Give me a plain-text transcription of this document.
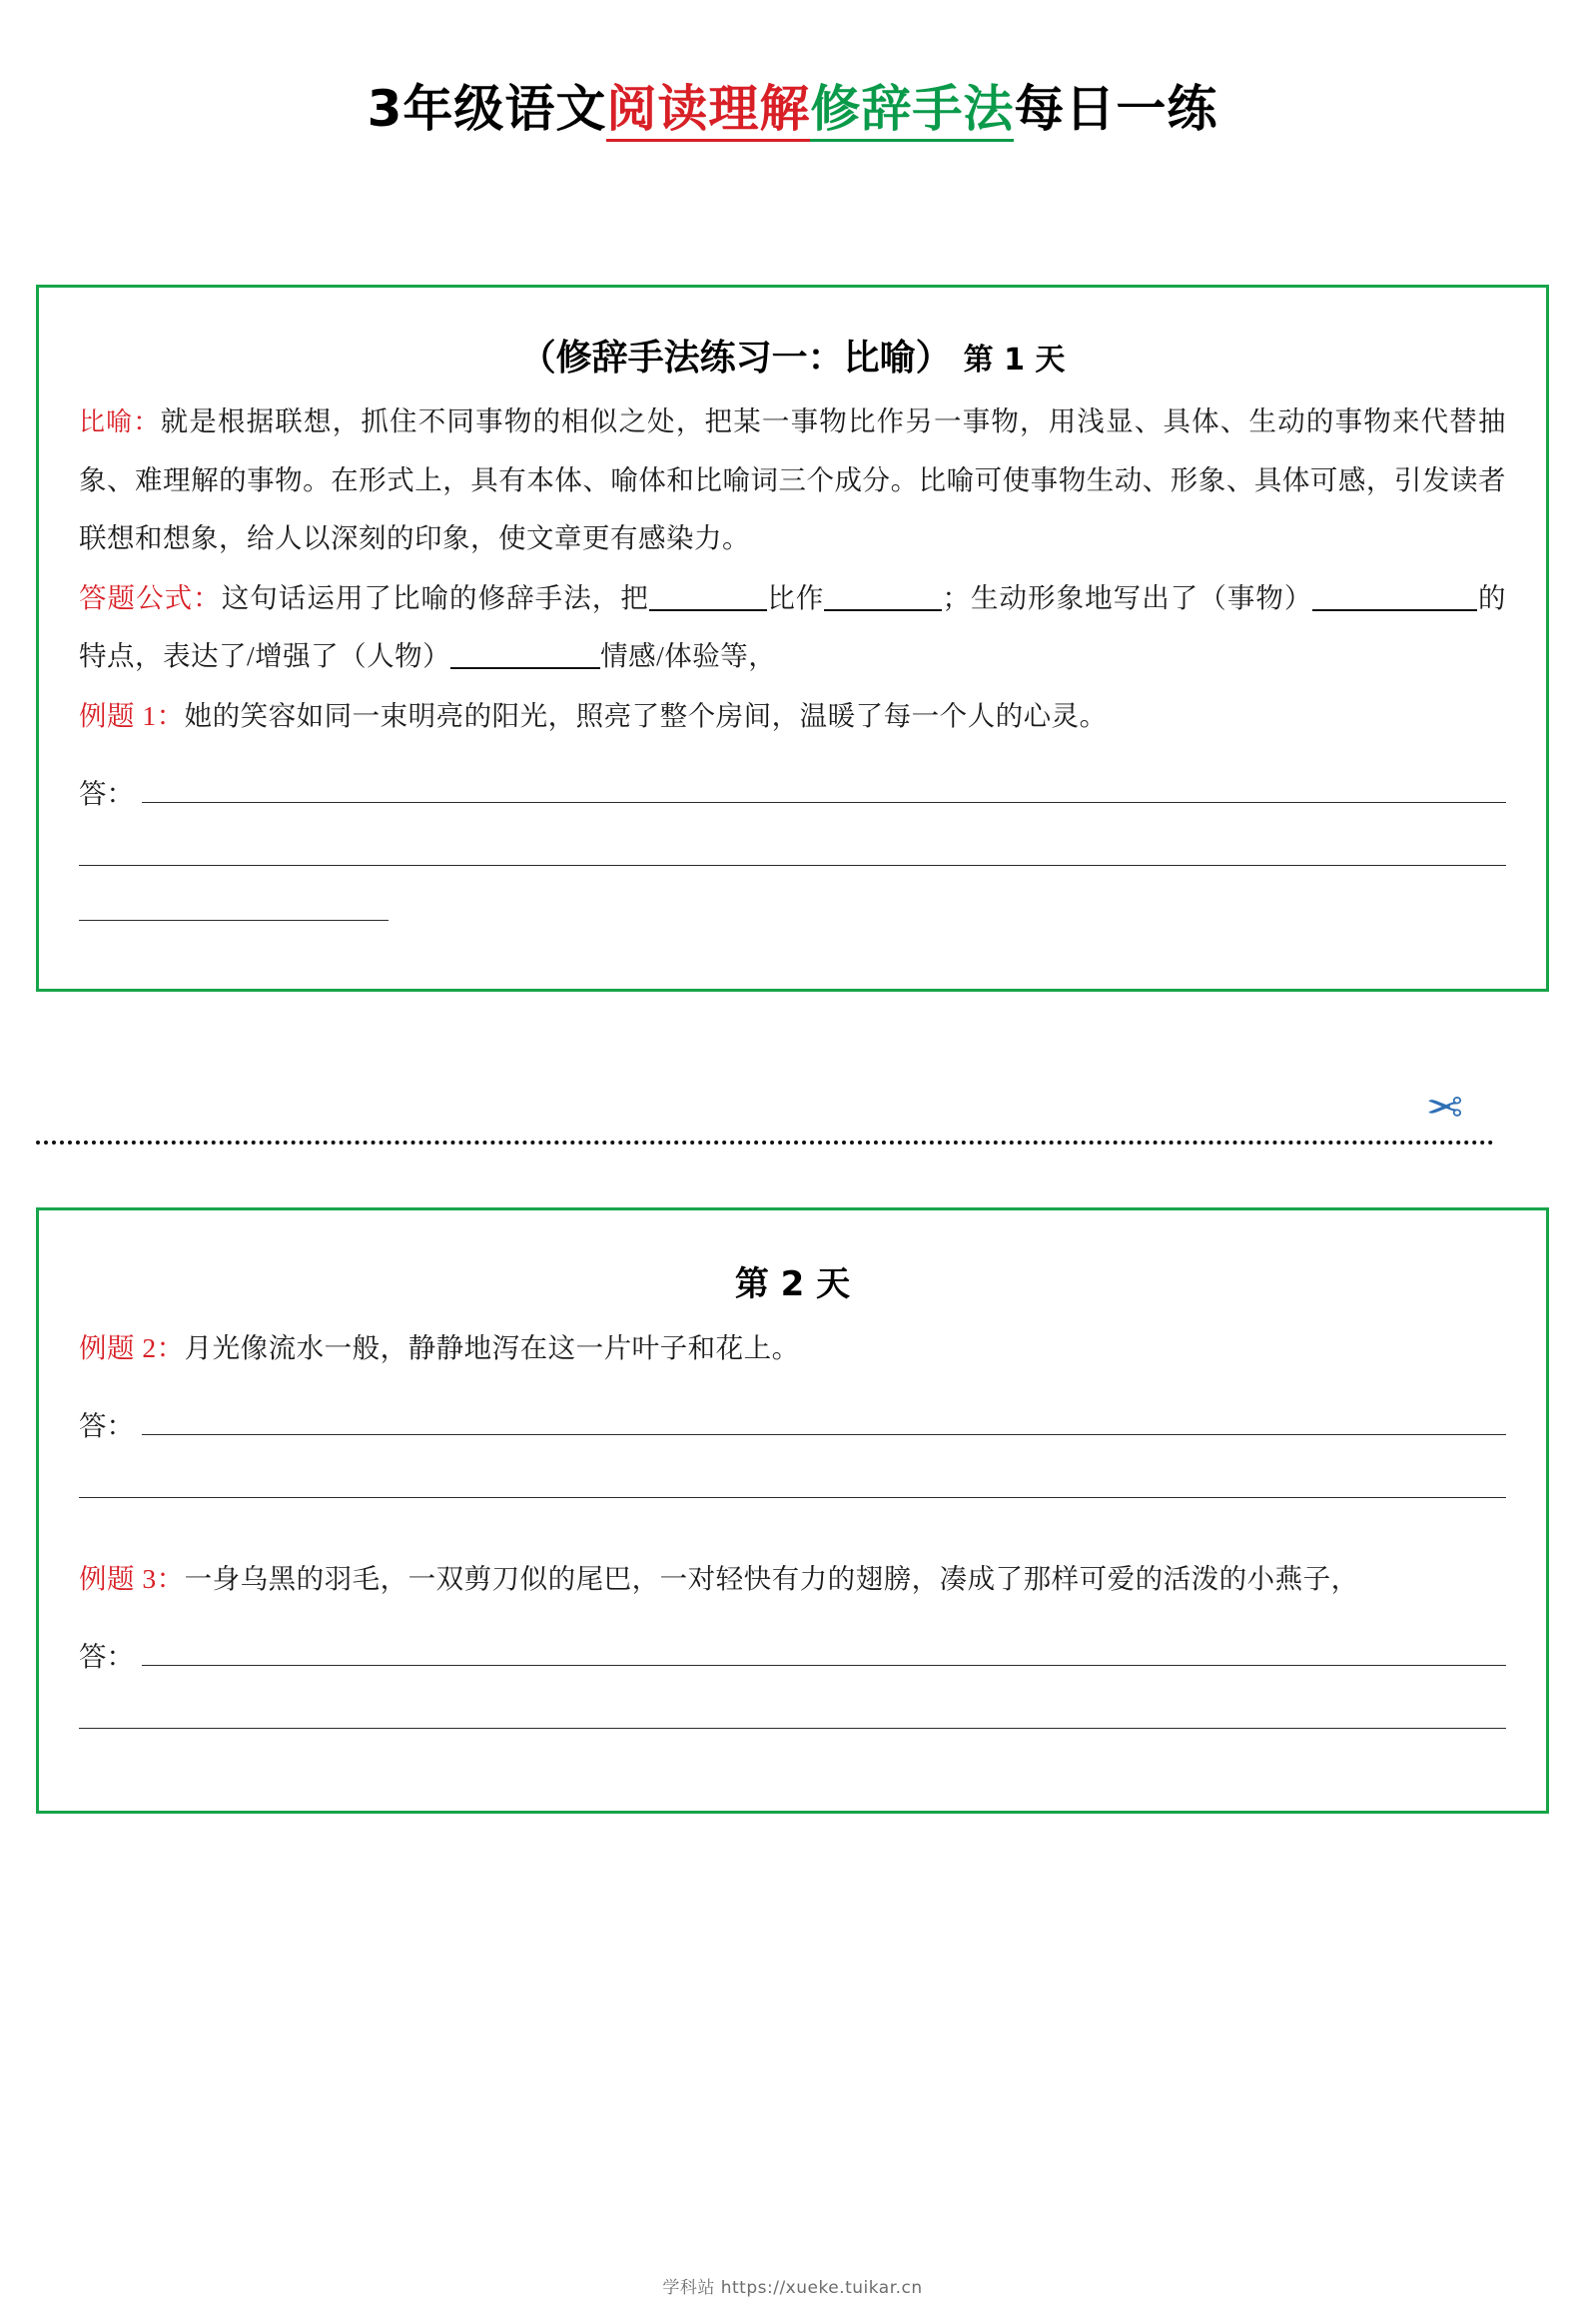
3年级语文阅读理解修辞手法每日一练
（修辞手法练习一：比喻） 第 1 天
比喻：就是根据联想，抓住不同事物的相似之处，把某一事物比作另一事物，用浅显、具体、生动的事物来代替抽象、难理解的事物。在形式上，具有本体、喻体和比喻词三个成分。比喻可使事物生动、形象、具体可感，引发读者联想和想象，给人以深刻的印象，使文章更有感染力。
答题公式：这句话运用了比喻的修辞手法，把	比作	；生动形象地写出了（事物）	的特点，表达了/增强了（人物）	情感/体验等，
例题 1：她的笑容如同一束明亮的阳光，照亮了整个房间，温暖了每一个人的心灵。
答：
✂
第 2 天
例题 2：月光像流水一般，静静地泻在这一片叶子和花上。
答：
例题 3：一身乌黑的羽毛，一双剪刀似的尾巴，一对轻快有力的翅膀，凑成了那样可爱的活泼的小燕子，
答：
学科站 https://xueke.tuikar.cn
